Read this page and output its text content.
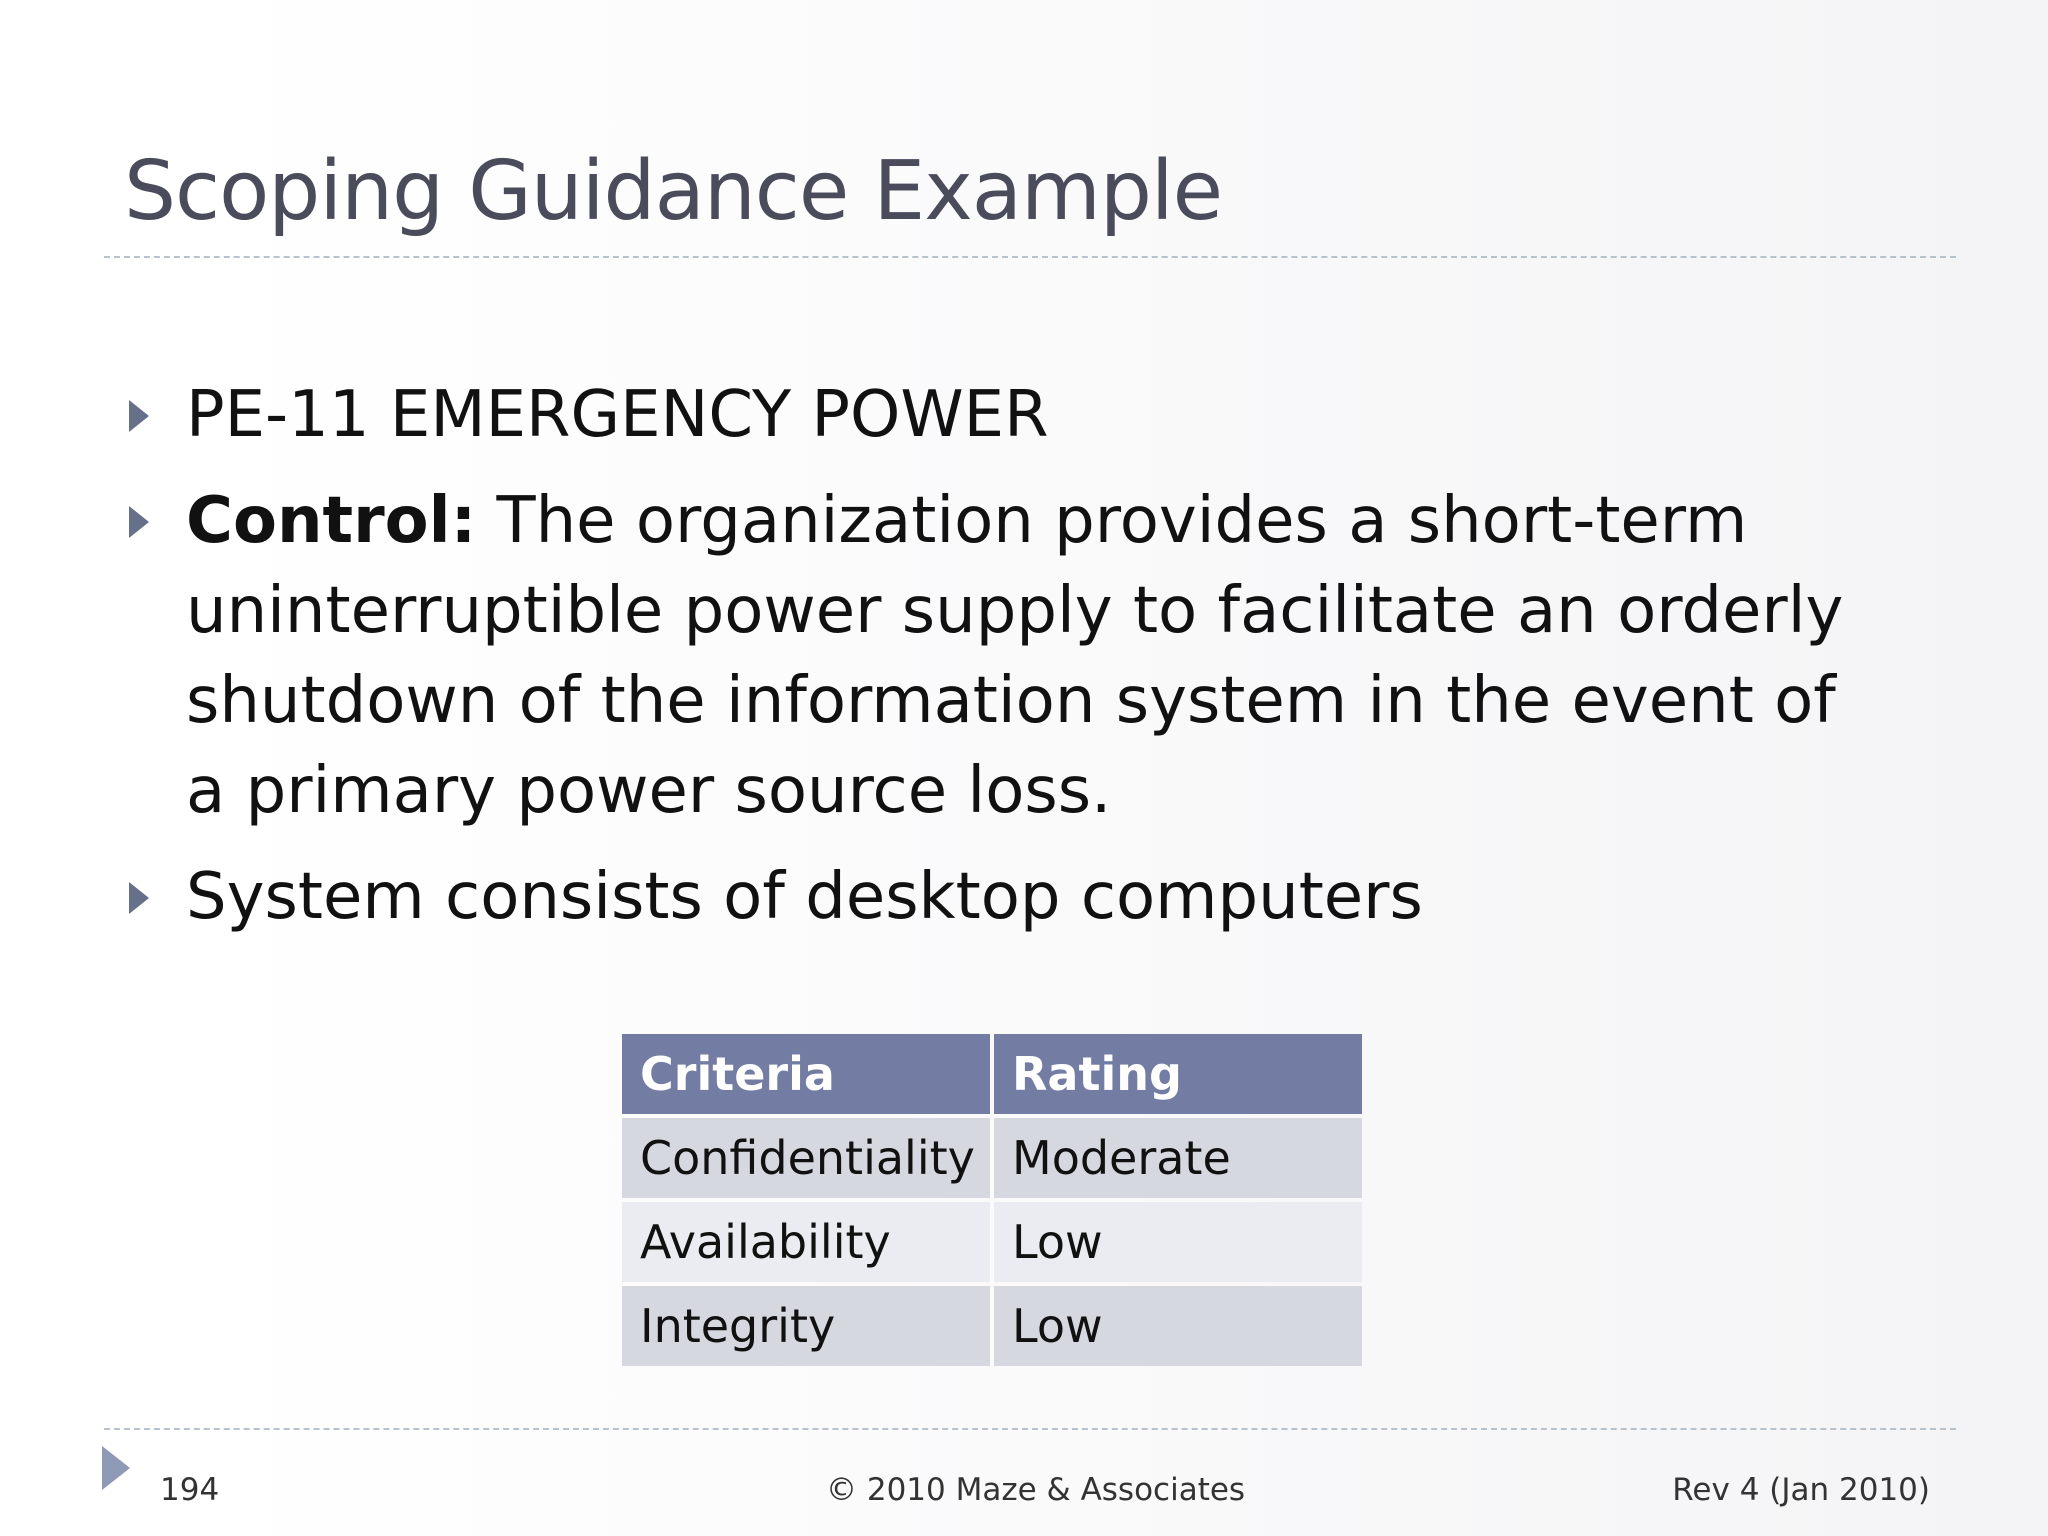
Scoping Guidance Example
PE-11 EMERGENCY POWER
Control: The organization provides a short-term uninterruptible power supply to facilitate an orderly shutdown of the information system in the event of a primary power source loss.
System consists of desktop computers
Criteria	Rating
Confidentiality	Moderate
Availability	Low
Integrity	Low
194	© 2010 Maze & Associates	Rev 4 (Jan 2010)
